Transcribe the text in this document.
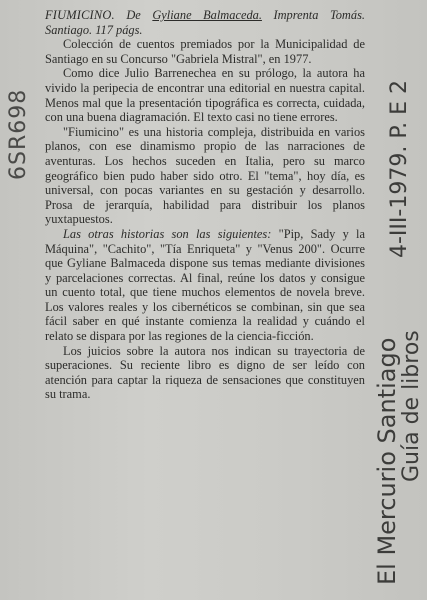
6SR698

FIUMICINO. De Gyliane Balmaceda. Imprenta Tomás. Santiago. 117 págs.

Colección de cuentos premiados por la Municipalidad de Santiago en su Concurso "Gabriela Mistral", en 1977.

Como dice Julio Barrenechea en su prólogo, la autora ha vivido la peripecia de encontrar una editorial en nuestra capital. Menos mal que la presentación tipográfica es correcta, cuidada, con una buena diagramación. El texto casi no tiene errores.

"Fiumicino" es una historia compleja, distribuida en varios planos, con ese dinamismo propio de las narraciones de aventuras. Los hechos suceden en Italia, pero su marco geográfico bien pudo haber sido otro. El "tema", hoy día, es universal, con pocas variantes en su gestación y desarrollo. Prosa de jerarquía, habilidad para distribuir los planos yuxtapuestos.

Las otras historias son las siguientes: "Pip, Sady y la Máquina", "Cachito", "Tía Enriqueta" y "Venus 200". Ocurre que Gyliane Balmaceda dispone sus temas mediante divisiones y parcelaciones correctas. Al final, reúne los datos y consigue un cuento total, que tiene muchos elementos de novela breve. Los valores reales y los cibernéticos se combinan, sin que sea fácil saber en qué instante comienza la realidad y cuándo el relato se dispara por las regiones de la ciencia-ficción.

Los juicios sobre la autora nos indican su trayectoria de superaciones. Su reciente libro es digno de ser leído con atención para captar la riqueza de sensaciones que constituyen su trama.	El Mercurio Santiago
Guía de libros
4-III-1979. P. E 2
